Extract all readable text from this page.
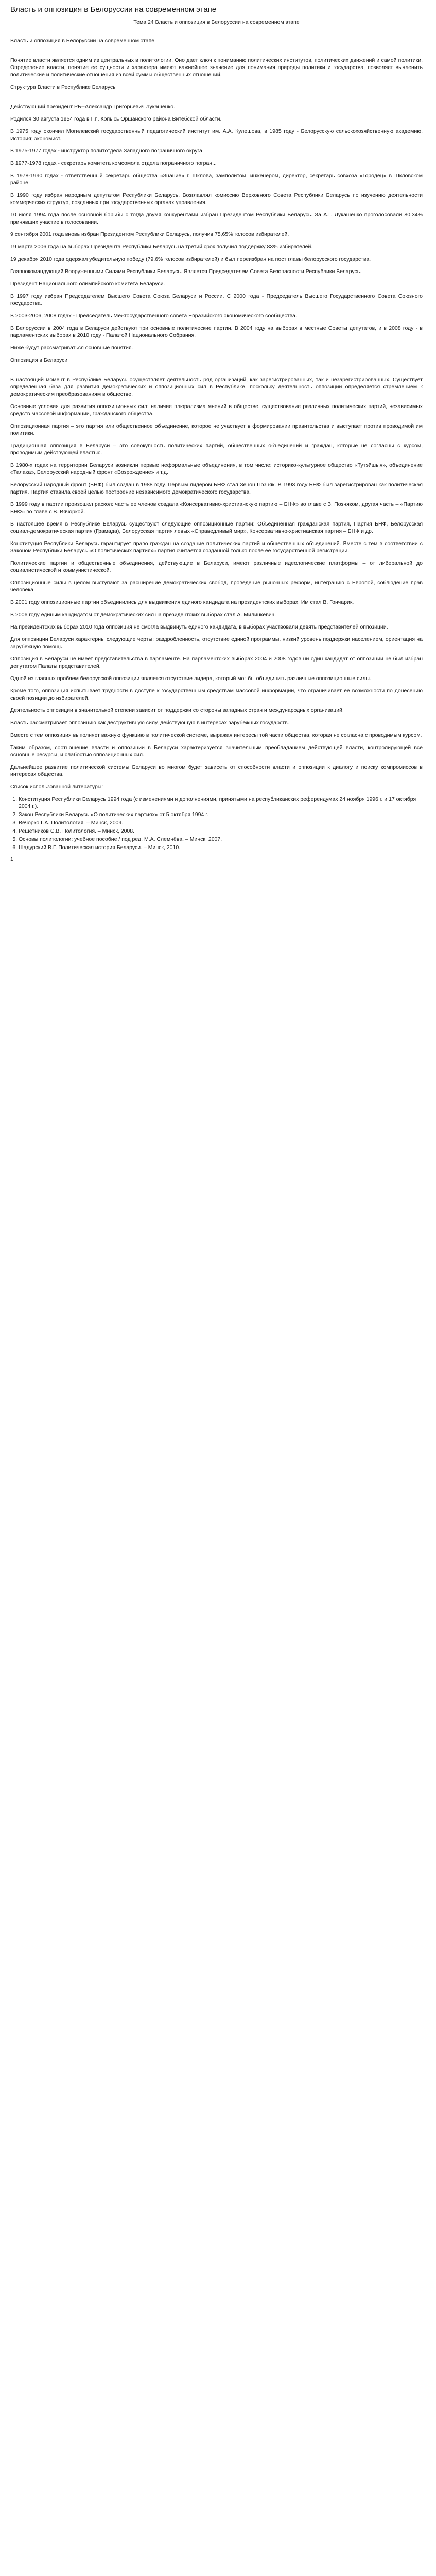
Власть и оппозиция в Белоруссии на современном этапе
Тема 24 Власть и оппозиция в Белоруссии на современном этапе
Власть и оппозиция в Белоруссии на современном этапе

Понятие власти является одним из центральных в политологии. Оно дает ключ к пониманию политических институтов, политических движений и самой политики. Определение власти, понятие ее сущности и характера имеют важнейшее значение для понимания природы политики и государства, позволяет вычленить политические и политические отношения из всей суммы общественных отношений.

Структура Власти в Республике Беларусь

Действующий президент РБ--Александр Григорьевич Лукашенко.

Родился 30 августа 1954 года в Г.п. Копысь Оршанского района Витебской области.

В 1975 году окончил Могилевский государственный педагогический институт им. А.А. Кулешова, в 1985 году - Белорусскую сельскохозяйственную академию. История; экономист.

В 1975-1977 годах - инструктор политотдела Западного пограничного округа.

В 1977-1978 годах - секретарь комитета комсомола отдела пограничного погран...

В 1978-1990 годах - ответственный секретарь общества «Знание» г. Шклова, замполитом, инженером, директор, секретарь совхоза «Городец» в Шкловском районе.

В 1990 году избран народным депутатом Республики Беларусь. Возглавлял комиссию Верховного Совета Республики Беларусь по изучению деятельности коммерческих структур, созданных при государственных органах управления.

10 июля 1994 года после основной борьбы с тогда двумя конкурентами избран Президентом Республики Беларусь. За А.Г. Лукашенко проголосовали 80,34% принявших участие в голосовании.

9 сентября 2001 года вновь избран Президентом Республики Беларусь, получив 75,65% голосов избирателей.

19 марта 2006 года на выборах Президента Республики Беларусь на третий срок получил поддержку 83% избирателей.

19 декабря 2010 года одержал убедительную победу (79,6% голосов избирателей) и был переизбран на пост главы белорусского государства.

Главнокомандующий Вооруженными Силами Республики Беларусь. Является Председателем Совета Безопасности Республики Беларусь.

Президент Национального олимпийского комитета Беларуси.

В 1997 году избран Председателем Высшего Совета Союза Беларуси и России. С 2000 года - Председатель Высшего Государственного Совета Союзного государства.

В 2003-2006, 2008 годах - Председатель Межгосударственного совета Евразийского экономического сообщества.

В Белоруссии в 2004 года в Беларуси действуют три основные политические партии. В 2004 году на выборах в местные Советы депутатов, и в 2008 году - в парламентских выборах в 2010 году - Палатой Национального Собрания.

Ниже будут рассматриваться основные понятия.

Оппозиция в Беларуси

В настоящий момент в Республике Беларусь осуществляет деятельность ряд организаций, как зарегистрированных, так и незарегистрированных. Существует определенная база для развития демократических и оппозиционных сил в Республике, поскольку деятельность оппозиции определяется стремлением к демократическим преобразованиям в обществе.

Основные условия для развития оппозиционных сил: наличие плюрализма мнений в обществе, существование различных политических партий, независимых средств массовой информации, гражданского общества.

Оппозиционная партия – это партия или общественное объединение, которое не участвует в формировании правительства и выступает против проводимой им политики.

Традиционная оппозиция в Беларуси – это совокупность политических партий, общественных объединений и граждан, которые не согласны с курсом, проводимым действующей властью.

В 1980-х годах на территории Беларуси возникли первые неформальные объединения, в том числе: историко-культурное общество «Тутэйшыя», объединение «Талака», Белорусский народный фронт «Возрождение» и т.д.

Белорусский народный фронт (БНФ) был создан в 1988 году. Первым лидером БНФ стал Зенон Позняк. В 1993 году БНФ был зарегистрирован как политическая партия. Партия ставила своей целью построение независимого демократического государства.

В 1999 году в партии произошел раскол: часть ее членов создала «Консервативно-христианскую партию – БНФ» во главе с З. Позняком, другая часть – «Партию БНФ» во главе с В. Вячоркой.

В настоящее время в Республике Беларусь существуют следующие оппозиционные партии: Объединенная гражданская партия, Партия БНФ, Белорусская социал-демократическая партия (Грамада), Белорусская партия левых «Справедливый мир», Консервативно-христианская партия – БНФ и др.

Конституция Республики Беларусь гарантирует право граждан на создание политических партий и общественных объединений. Вместе с тем в соответствии с Законом Республики Беларусь «О политических партиях» партия считается созданной только после ее государственной регистрации.

Политические партии и общественные объединения, действующие в Беларуси, имеют различные идеологические платформы – от либеральной до социалистической и коммунистической.

Оппозиционные силы в целом выступают за расширение демократических свобод, проведение рыночных реформ, интеграцию с Европой, соблюдение прав человека.

В 2001 году оппозиционные партии объединились для выдвижения единого кандидата на президентских выборах. Им стал В. Гончарик.

В 2006 году единым кандидатом от демократических сил на президентских выборах стал А. Милинкевич.

На президентских выборах 2010 года оппозиция не смогла выдвинуть единого кандидата, в выборах участвовали девять представителей оппозиции.

Для оппозиции Беларуси характерны следующие черты: раздробленность, отсутствие единой программы, низкий уровень поддержки населением, ориентация на зарубежную помощь.

Оппозиция в Беларуси не имеет представительства в парламенте. На парламентских выборах 2004 и 2008 годов ни один кандидат от оппозиции не был избран депутатом Палаты представителей.

Одной из главных проблем белорусской оппозиции является отсутствие лидера, который мог бы объединить различные оппозиционные силы.

Кроме того, оппозиция испытывает трудности в доступе к государственным средствам массовой информации, что ограничивает ее возможности по донесению своей позиции до избирателей.

Деятельность оппозиции в значительной степени зависит от поддержки со стороны западных стран и международных организаций.

Власть рассматривает оппозицию как деструктивную силу, действующую в интересах зарубежных государств.

Вместе с тем оппозиция выполняет важную функцию в политической системе, выражая интересы той части общества, которая не согласна с проводимым курсом.

Таким образом, соотношение власти и оппозиции в Беларуси характеризуется значительным преобладанием действующей власти, контролирующей все основные ресурсы, и слабостью оппозиционных сил.

Дальнейшее развитие политической системы Беларуси во многом будет зависеть от способности власти и оппозиции к диалогу и поиску компромиссов в интересах общества.

Список использованной литературы:

1. Конституция Республики Беларусь 1994 года (с изменениями и дополнениями, принятыми на республиканских референдумах 24 ноября 1996 г. и 17 октября 2004 г.).
2. Закон Республики Беларусь «О политических партиях» от 5 октября 1994 г.
3. Вечорко Г.А. Политология. – Минск, 2009.
4. Решетников С.В. Политология. – Минск, 2008.
5. Основы политологии: учебное пособие / под ред. М.А. Слемнёва. – Минск, 2007.
6. Шадурский В.Г. Политическая история Беларуси. – Минск, 2010.
1
